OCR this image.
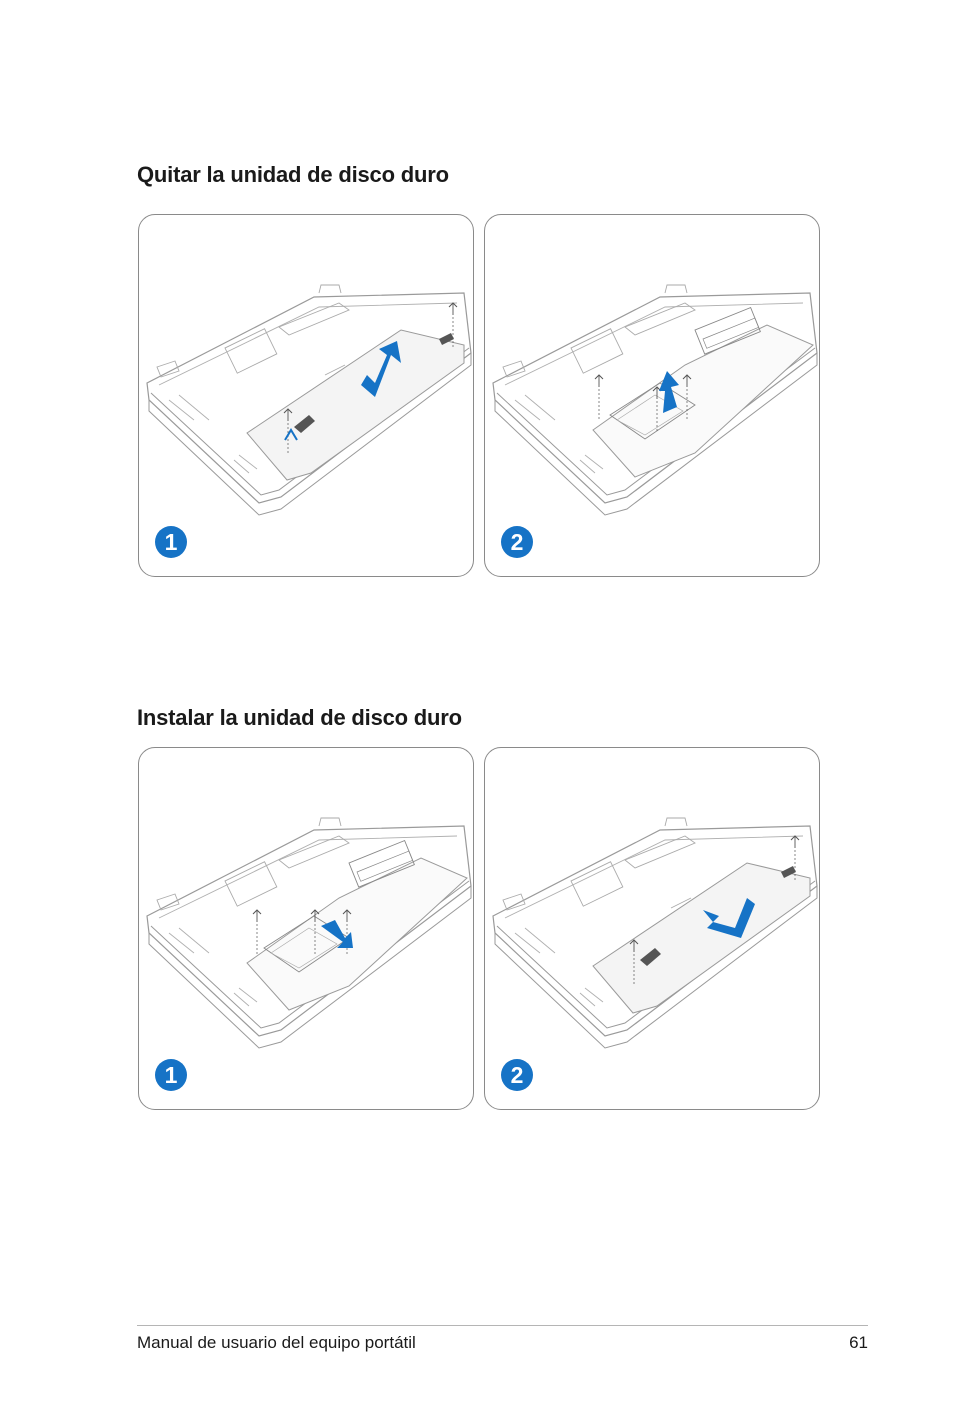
Quitar la unidad de disco duro
1	2
Instalar la unidad de disco duro
1	2
Manual de usuario del equipo portátil	61
